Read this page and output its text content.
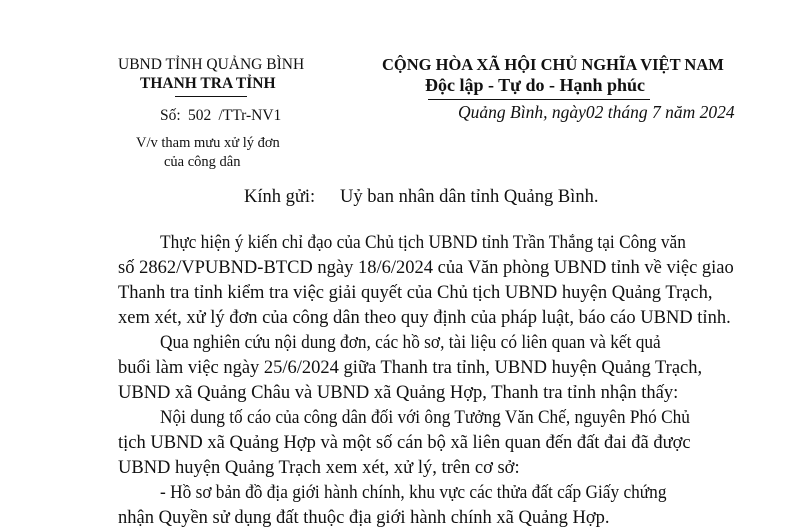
UBND TỈNH QUẢNG BÌNH
THANH TRA TỈNH
Số: 502 /TTr-NV1
V/v tham mưu xử lý đơn
của công dân
CỘNG HÒA XÃ HỘI CHỦ NGHĨA VIỆT NAM
Độc lập - Tự do - Hạnh phúc
Quảng Bình, ngày02 tháng 7 năm 2024
Kính gửi: Uỷ ban nhân dân tỉnh Quảng Bình.
Thực hiện ý kiến chỉ đạo của Chủ tịch UBND tỉnh Trần Thắng tại Công văn
số 2862/VPUBND-BTCD ngày 18/6/2024 của Văn phòng UBND tỉnh về việc giao
Thanh tra tỉnh kiểm tra việc giải quyết của Chủ tịch UBND huyện Quảng Trạch,
xem xét, xử lý đơn của công dân theo quy định của pháp luật, báo cáo UBND tỉnh.
Qua nghiên cứu nội dung đơn, các hồ sơ, tài liệu có liên quan và kết quả
buổi làm việc ngày 25/6/2024 giữa Thanh tra tỉnh, UBND huyện Quảng Trạch,
UBND xã Quảng Châu và UBND xã Quảng Hợp, Thanh tra tỉnh nhận thấy:
Nội dung tố cáo của công dân đối với ông Tưởng Văn Chế, nguyên Phó Chủ
tịch UBND xã Quảng Hợp và một số cán bộ xã liên quan đến đất đai đã được
UBND huyện Quảng Trạch xem xét, xử lý, trên cơ sở:
- Hồ sơ bản đồ địa giới hành chính, khu vực các thửa đất cấp Giấy chứng
nhận Quyền sử dụng đất thuộc địa giới hành chính xã Quảng Hợp.
